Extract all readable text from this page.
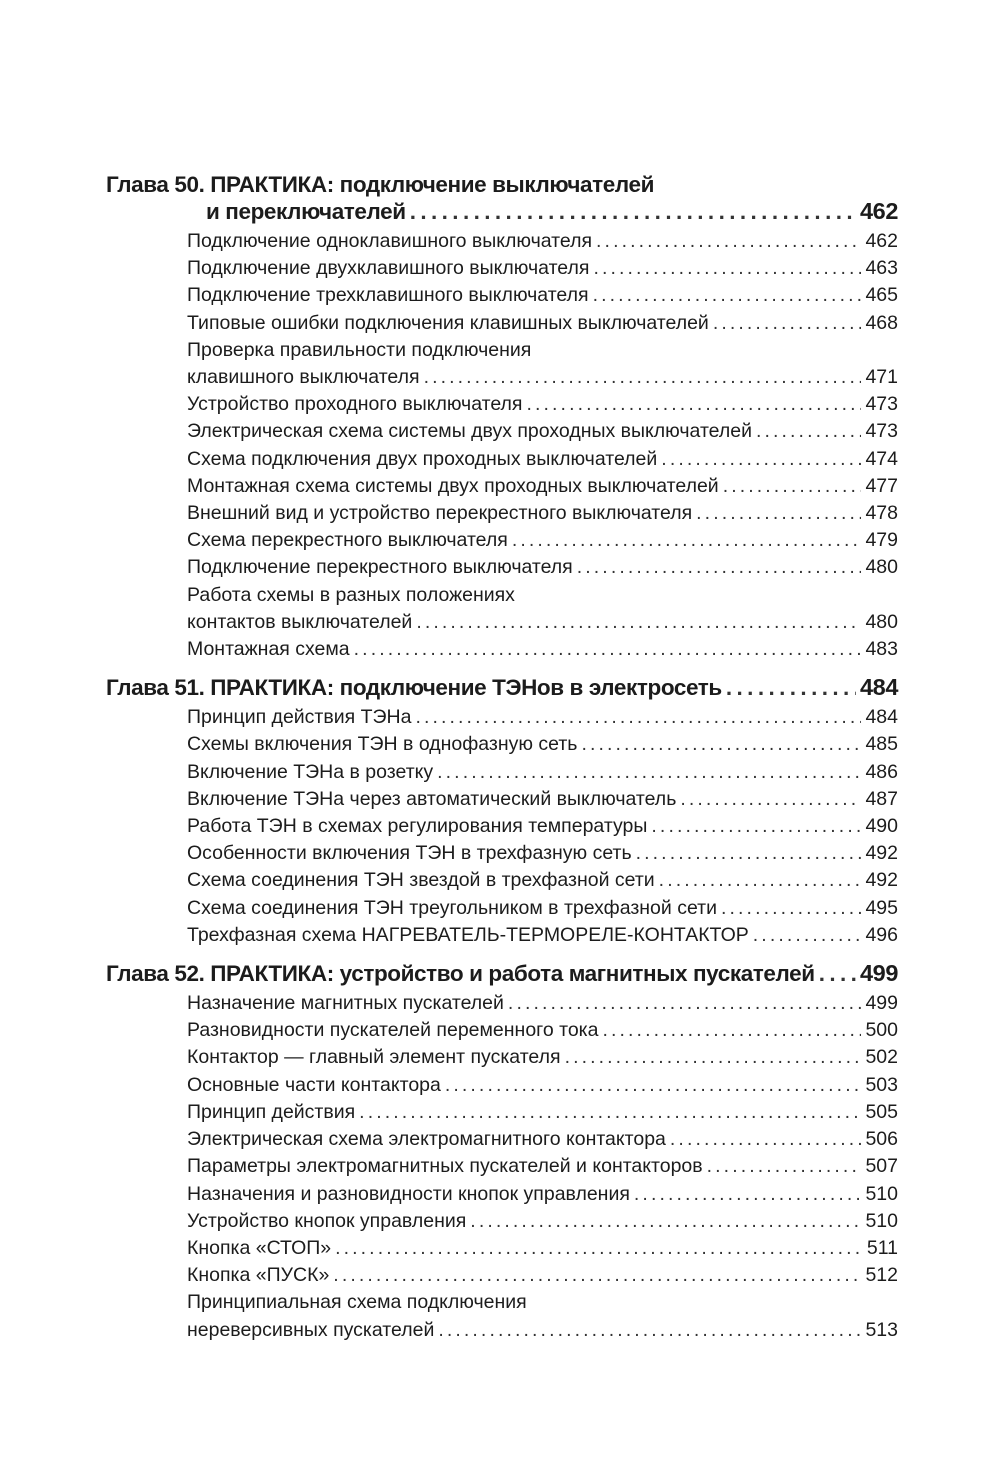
Глава 50. ПРАКТИКА: подключение выключателей
и переключателей .....	462
Подключение одноклавишного выключателя .....	462
Подключение двухклавишного выключателя .....	463
Подключение трехклавишного выключателя .....	465
Типовые ошибки подключения клавишных выключателей .....	468
Проверка правильности подключения
клавишного выключателя .....	471
Устройство проходного выключателя .....	473
Электрическая схема системы двух проходных выключателей .....	473
Схема подключения двух проходных выключателей .....	474
Монтажная схема системы двух проходных выключателей .....	477
Внешний вид и устройство перекрестного выключателя .....	478
Схема перекрестного выключателя .....	479
Подключение перекрестного выключателя .....	480
Работа схемы в разных положениях
контактов выключателей .....	480
Монтажная схема .....	483
Глава 51. ПРАКТИКА: подключение ТЭНов в электросеть .....	484
Принцип действия ТЭНа .....	484
Схемы включения ТЭН в однофазную сеть .....	485
Включение ТЭНа в розетку .....	486
Включение ТЭНа через автоматический выключатель .....	487
Работа ТЭН в схемах регулирования температуры .....	490
Особенности включения ТЭН в трехфазную сеть .....	492
Схема соединения ТЭН звездой в трехфазной сети .....	492
Схема соединения ТЭН треугольником в трехфазной сети .....	495
Трехфазная схема НАГРЕВАТЕЛЬ-ТЕРМОРЕЛЕ-КОНТАКТОР .....	496
Глава 52. ПРАКТИКА: устройство и работа магнитных пускателей ..... 499
Назначение магнитных пускателей .....	499
Разновидности пускателей переменного тока .....	500
Контактор — главный элемент пускателя .....	502
Основные части контактора .....	503
Принцип действия .....	505
Электрическая схема электромагнитного контактора .....	506
Параметры электромагнитных пускателей и контакторов .....	507
Назначения и разновидности кнопок управления .....	510
Устройство кнопок управления .....	510
Кнопка «СТОП» .....	511
Кнопка «ПУСК» .....	512
Принципиальная схема подключения
нереверсивных пускателей .....	513
